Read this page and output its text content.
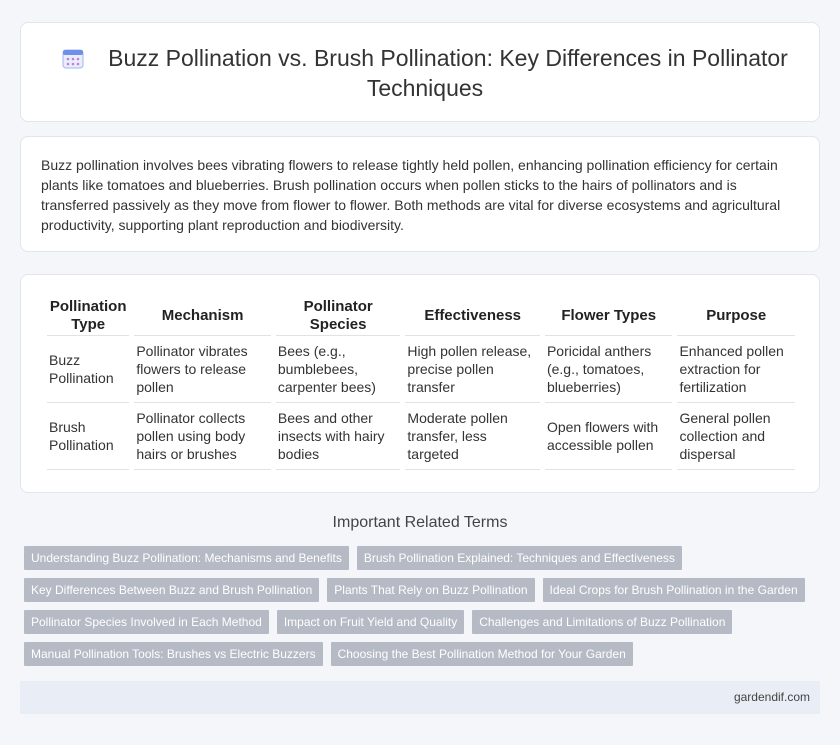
Buzz Pollination vs. Brush Pollination: Key Differences in Pollinator Techniques

Buzz pollination involves bees vibrating flowers to release tightly held pollen, enhancing pollination efficiency for certain plants like tomatoes and blueberries. Brush pollination occurs when pollen sticks to the hairs of pollinators and is transferred passively as they move from flower to flower. Both methods are vital for diverse ecosystems and agricultural productivity, supporting plant reproduction and biodiversity.

Pollination Type	Mechanism	Pollinator Species	Effectiveness	Flower Types	Purpose
Buzz Pollination	Pollinator vibrates flowers to release pollen	Bees (e.g., bumblebees, carpenter bees)	High pollen release, precise pollen transfer	Poricidal anthers (e.g., tomatoes, blueberries)	Enhanced pollen extraction for fertilization
Brush Pollination	Pollinator collects pollen using body hairs or brushes	Bees and other insects with hairy bodies	Moderate pollen transfer, less targeted	Open flowers with accessible pollen	General pollen collection and dispersal
Important Related Terms
Understanding Buzz Pollination: Mechanisms and Benefits	Brush Pollination Explained: Techniques and Effectiveness
Key Differences Between Buzz and Brush Pollination	Plants That Rely on Buzz Pollination	Ideal Crops for Brush Pollination in the Garden
Pollinator Species Involved in Each Method	Impact on Fruit Yield and Quality	Challenges and Limitations of Buzz Pollination
Manual Pollination Tools: Brushes vs Electric Buzzers	Choosing the Best Pollination Method for Your Garden
gardendif.com
